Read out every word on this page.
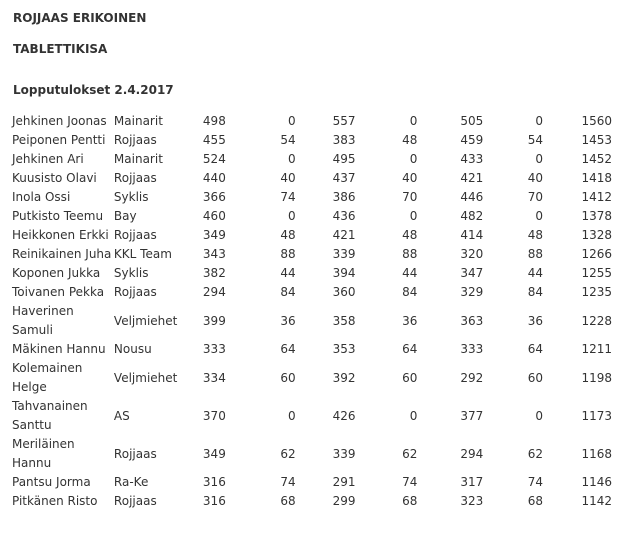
ROJJAAS ERIKOINEN
TABLETTIKISA
Lopputulokset 2.4.2017
Jehkinen Joonas	Mainarit	498	0	557	0	505	0	1560
Peiponen Pentti	Rojjaas	455	54	383	48	459	54	1453
Jehkinen Ari	Mainarit	524	0	495	0	433	0	1452
Kuusisto Olavi	Rojjaas	440	40	437	40	421	40	1418
Inola Ossi	Syklis	366	74	386	70	446	70	1412
Putkisto Teemu	Bay	460	0	436	0	482	0	1378
Heikkonen Erkki	Rojjaas	349	48	421	48	414	48	1328
Reinikainen Juha	KKL Team	343	88	339	88	320	88	1266
Koponen Jukka	Syklis	382	44	394	44	347	44	1255
Toivanen Pekka	Rojjaas	294	84	360	84	329	84	1235
Haverinen Samuli	Veljmiehet	399	36	358	36	363	36	1228
Mäkinen Hannu	Nousu	333	64	353	64	333	64	1211
Kolemainen Helge	Veljmiehet	334	60	392	60	292	60	1198
Tahvanainen Santtu	AS	370	0	426	0	377	0	1173
Meriläinen Hannu	Rojjaas	349	62	339	62	294	62	1168
Pantsu Jorma	Ra-Ke	316	74	291	74	317	74	1146
Pitkänen Risto	Rojjaas	316	68	299	68	323	68	1142
